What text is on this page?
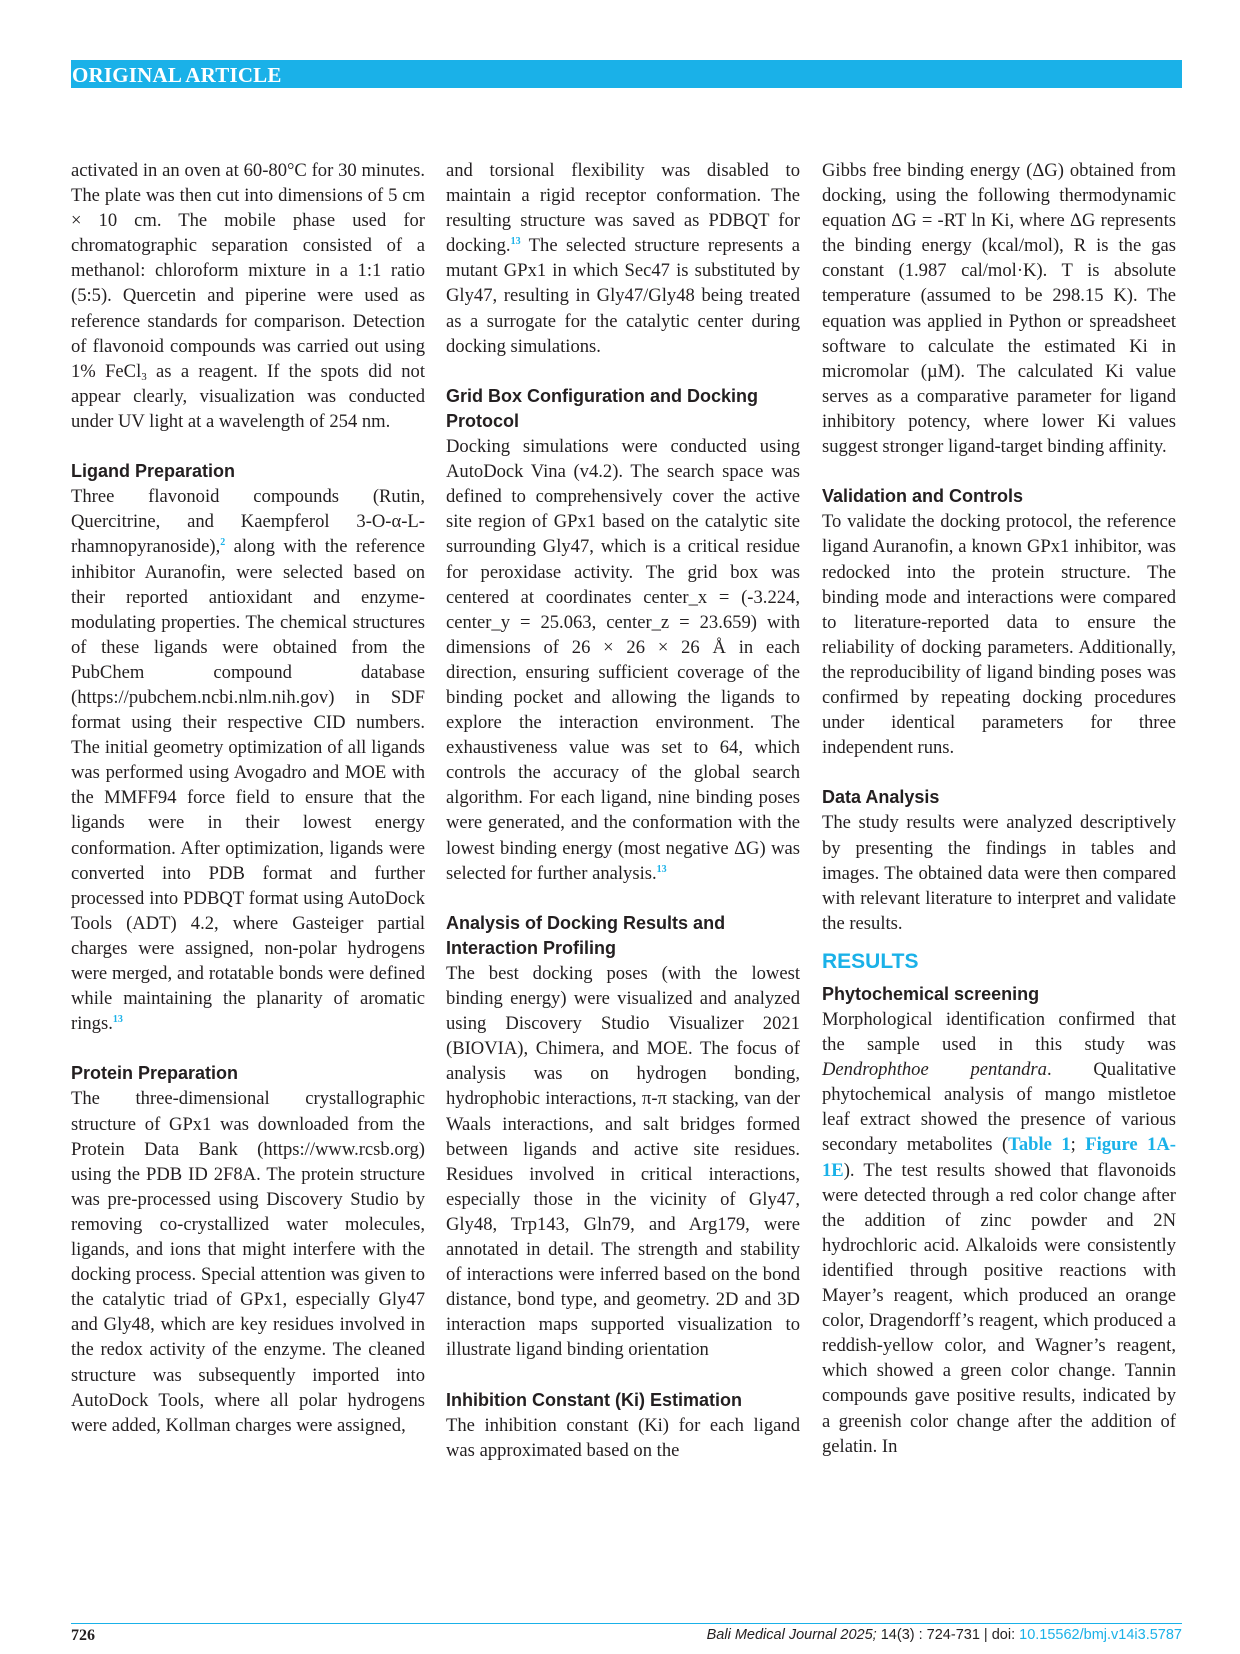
ORIGINAL ARTICLE

activated in an oven at 60-80°C for 30 minutes. The plate was then cut into dimensions of 5 cm × 10 cm. The mobile phase used for chromatographic separation consisted of a methanol: chloroform mixture in a 1:1 ratio (5:5). Quercetin and piperine were used as reference standards for comparison. Detection of flavonoid compounds was carried out using 1% FeCl$_3$ as a reagent. If the spots did not appear clearly, visualization was conducted under UV light at a wavelength of 254 nm.

Ligand Preparation

Three flavonoid compounds (Rutin, Quercitrine, and Kaempferol 3-O-α-L-rhamnopyranoside),$^2$ along with the reference inhibitor Auranofin, were selected based on their reported antioxidant and enzyme-modulating properties. The chemical structures of these ligands were obtained from the PubChem compound database (https://pubchem.ncbi.nlm.nih.gov) in SDF format using their respective CID numbers. The initial geometry optimization of all ligands was performed using Avogadro and MOE with the MMFF94 force field to ensure that the ligands were in their lowest energy conformation. After optimization, ligands were converted into PDB format and further processed into PDBQT format using AutoDock Tools (ADT) 4.2, where Gasteiger partial charges were assigned, non-polar hydrogens were merged, and rotatable bonds were defined while maintaining the planarity of aromatic rings.$^{13}$

Protein Preparation

The three-dimensional crystallographic structure of GPx1 was downloaded from the Protein Data Bank (https://www.rcsb.org) using the PDB ID 2F8A. The protein structure was pre-processed using Discovery Studio by removing co-crystallized water molecules, ligands, and ions that might interfere with the docking process. Special attention was given to the catalytic triad of GPx1, especially Gly47 and Gly48, which are key residues involved in the redox activity of the enzyme. The cleaned structure was subsequently imported into AutoDock Tools, where all polar hydrogens were added, Kollman charges were assigned,

and torsional flexibility was disabled to maintain a rigid receptor conformation. The resulting structure was saved as PDBQT for docking.$^{13}$ The selected structure represents a mutant GPx1 in which Sec47 is substituted by Gly47, resulting in Gly47/Gly48 being treated as a surrogate for the catalytic center during docking simulations.

Grid Box Configuration and Docking Protocol

Docking simulations were conducted using AutoDock Vina (v4.2). The search space was defined to comprehensively cover the active site region of GPx1 based on the catalytic site surrounding Gly47, which is a critical residue for peroxidase activity. The grid box was centered at coordinates center_x = (-3.224, center_y = 25.063, center_z = 23.659) with dimensions of 26 × 26 × 26 Å in each direction, ensuring sufficient coverage of the binding pocket and allowing the ligands to explore the interaction environment. The exhaustiveness value was set to 64, which controls the accuracy of the global search algorithm. For each ligand, nine binding poses were generated, and the conformation with the lowest binding energy (most negative ΔG) was selected for further analysis.$^{13}$

Analysis of Docking Results and Interaction Profiling

The best docking poses (with the lowest binding energy) were visualized and analyzed using Discovery Studio Visualizer 2021 (BIOVIA), Chimera, and MOE. The focus of analysis was on hydrogen bonding, hydrophobic interactions, π-π stacking, van der Waals interactions, and salt bridges formed between ligands and active site residues. Residues involved in critical interactions, especially those in the vicinity of Gly47, Gly48, Trp143, Gln79, and Arg179, were annotated in detail. The strength and stability of interactions were inferred based on the bond distance, bond type, and geometry. 2D and 3D interaction maps supported visualization to illustrate ligand binding orientation

Inhibition Constant (Ki) Estimation

The inhibition constant (Ki) for each ligand was approximated based on the

Gibbs free binding energy (ΔG) obtained from docking, using the following thermodynamic equation ΔG = -RT ln Ki, where ΔG represents the binding energy (kcal/mol), R is the gas constant (1.987 cal/mol·K). T is absolute temperature (assumed to be 298.15 K). The equation was applied in Python or spreadsheet software to calculate the estimated Ki in micromolar (µM). The calculated Ki value serves as a comparative parameter for ligand inhibitory potency, where lower Ki values suggest stronger ligand-target binding affinity.

Validation and Controls

To validate the docking protocol, the reference ligand Auranofin, a known GPx1 inhibitor, was redocked into the protein structure. The binding mode and interactions were compared to literature-reported data to ensure the reliability of docking parameters. Additionally, the reproducibility of ligand binding poses was confirmed by repeating docking procedures under identical parameters for three independent runs.

Data Analysis

The study results were analyzed descriptively by presenting the findings in tables and images. The obtained data were then compared with relevant literature to interpret and validate the results.

RESULTS
Phytochemical screening

Morphological identification confirmed that the sample used in this study was Dendrophthoe pentandra. Qualitative phytochemical analysis of mango mistletoe leaf extract showed the presence of various secondary metabolites (Table 1; Figure 1A-1E). The test results showed that flavonoids were detected through a red color change after the addition of zinc powder and 2N hydrochloric acid. Alkaloids were consistently identified through positive reactions with Mayer’s reagent, which produced an orange color, Dragendorff’s reagent, which produced a reddish-yellow color, and Wagner’s reagent, which showed a green color change. Tannin compounds gave positive results, indicated by a greenish color change after the addition of gelatin. In

726	Bali Medical Journal 2025; 14(3) : 724-731 | doi: 10.15562/bmj.v14i3.5787
